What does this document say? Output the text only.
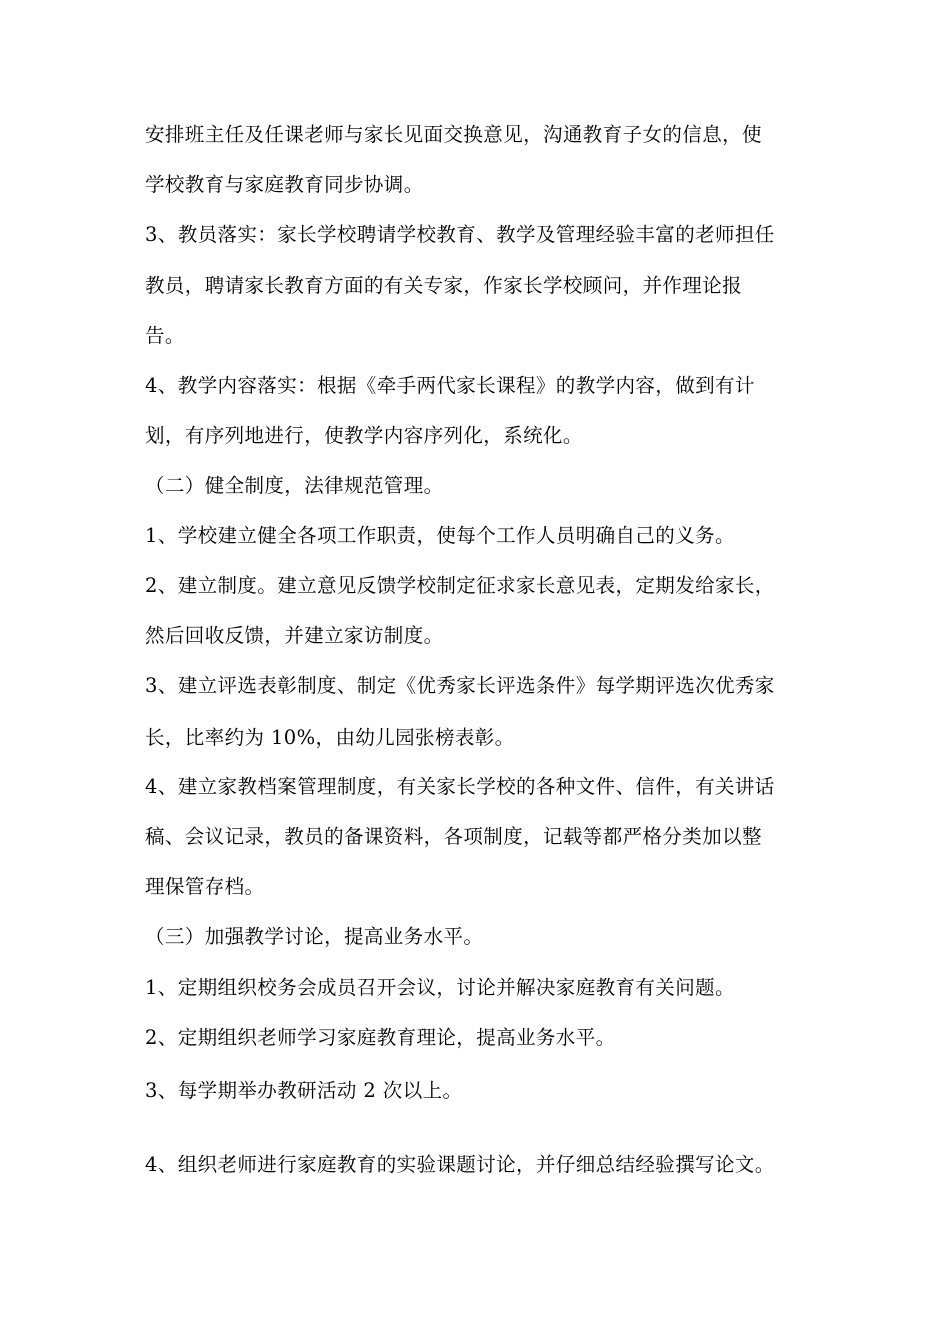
安排班主任及任课老师与家长见面交换意见，沟通教育子女的信息，使

学校教育与家庭教育同步协调。

3、教员落实：家长学校聘请学校教育、教学及管理经验丰富的老师担任

教员，聘请家长教育方面的有关专家，作家长学校顾问，并作理论报

告。

4、教学内容落实：根据《牵手两代家长课程》的教学内容，做到有计

划，有序列地进行，使教学内容序列化，系统化。

（二）健全制度，法律规范管理。

1、学校建立健全各项工作职责，使每个工作人员明确自己的义务。

2、建立制度。建立意见反馈学校制定征求家长意见表，定期发给家长，

然后回收反馈，并建立家访制度。

3、建立评选表彰制度、制定《优秀家长评选条件》每学期评选次优秀家

长，比率约为 10%，由幼儿园张榜表彰。

4、建立家教档案管理制度，有关家长学校的各种文件、信件，有关讲话

稿、会议记录，教员的备课资料，各项制度，记载等都严格分类加以整

理保管存档。

（三）加强教学讨论，提高业务水平。

1、定期组织校务会成员召开会议，讨论并解决家庭教育有关问题。

2、定期组织老师学习家庭教育理论，提高业务水平。

3、每学期举办教研活动 2 次以上。

4、组织老师进行家庭教育的实验课题讨论，并仔细总结经验撰写论文。
